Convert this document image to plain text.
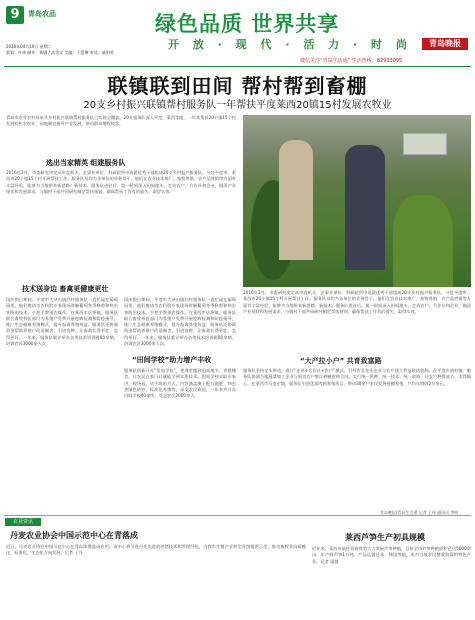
9	青岛农品
2016年04月19日 星期二
策划：叶林 制作：黄娜 / 高美文 美编：于慧琳 审读：戚明勇
绿色品质 世界共享
开 放 · 现 代 · 活 力 · 时 尚	青岛晚报
微信关注“青岛生活通” 生活热线：82933095
联镇联到田间 帮村帮到畜棚
20支乡村振兴联镇帮村服务队一年帮扶平度莱西20镇15村发展农牧业
青岛市农业农村局牵头乡村振兴联镇帮村服务队已实现全覆盖，20支服务队深入平度、莱西等地，一年来帮扶20个镇15个村发展特色农牧业，因地制宜指导产业发展，带动群众增收致富。
选出当家精英 组建服务队
2016年3月，市委研究决定从市直机关、企事业单位、科研院所中选派优秀干部组成20支乡村振兴服务队，分赴平度市、莱西市20个镇15个村开展帮扶工作。服务队员均为各单位的业务骨干，他们在农业技术推广、畜牧养殖、农产品营销等方面有丰富经验，能够为当地带来新思路、新技术。服务队进驻后，第一时间深入田间地头，走访农户、合作社和企业，摸清产业现状和发展需求，与镇村干部共同研究制定帮扶规划，确保帮扶工作有的放矢、取得实效。
技术送身边 畜禽更健康更壮
国庆假日期间，平度市大泽山镇驻村服务队一直忙碌在葡萄园里，他们邀请市农科院专家现场讲解葡萄冬季修剪和病虫害防治技术，手把手教果农操作。在莱西市店埠镇，服务队联合畜牧兽医部门为养殖户免费开展疫病检测和防疫指导，推广生态健康养殖模式，提升畜禽养殖效益。服务队还协调资金帮助养殖户改造圈舍，引进良种，让畜禽长得更壮、卖得更好。一年来，服务队累计举办各类技术培训班80余期，培训农民3000余人次。
“田间学校”助力增产丰收
国庆假日期间，平度市大泽山镇驻村服务队一直忙碌在葡萄园里，他们邀请市农科院专家现场讲解葡萄冬季修剪和病虫害防治技术，手把手教果农操作。在莱西市店埠镇，服务队联合畜牧兽医部门为养殖户免费开展疫病检测和防疫指导，推广生态健康养殖模式，提升畜禽养殖效益。服务队还协调资金帮助养殖户改造圈舍，引进良种，让畜禽长得更壮、卖得更好。一年来，服务队累计举办各类技术培训班80余期，培训农民3000余人次。
服务队创新开办“田间学校”，把课堂搬到田间地头、养殖棚舍，让农民在家门口就能学到实用技术。田间学校采取专家讲、现场看、动手练的方式，内容涵盖测土配方施肥、病虫害绿色防控、标准化养殖等，深受农民欢迎。一年来共开办田间学校40余所，受益农民2000余人。
2016年3月，市委研究决定从市直机关、企事业单位、科研院所中选派优秀干部组成20支乡村振兴服务队，分赴平度市、莱西市20个镇15个村开展帮扶工作。服务队员均为各单位的业务骨干，他们在农业技术推广、畜牧养殖、农产品营销等方面有丰富经验，能够为当地带来新思路、新技术。服务队进驻后，第一时间深入田间地头，走访农户、合作社和企业，摸清产业现状和发展需求，与镇村干部共同研究制定帮扶规划，确保帮扶工作有的放矢、取得实效。
“大产拉小户” 共育致富路
服务队坚持龙头带动，推行“企业+合作社+农户”模式，引导农业龙头企业与农户建立利益联结机制。在平度市明村镇，服务队协调当地蔬菜加工企业与周边农户签订种植收购合同，实行统一供种、统一技术、统一收购，让农户种得放心、卖得顺心。在莱西市马连庄镇，服务队引进优质肉鸡养殖项目，带动30余户农民发展规模养殖，户均年增收2万余元。
青岛晚报/青岛生活通 记者 王伟 通讯员 李明
农业资讯
丹麦农业协会中国示范中心在青落成
近日，丹麦农业协会中国示范中心在青岛即墨落成启用。该中心将引进丹麦先进的养猪技术和管理经验，为我市生猪产业转型升级提供示范，推动畜牧业向规模化、标准化、生态化方向发展。记者 于洋
莱西芦笋生产初具规模
近年来，莱西市依托资源优势大力发展芦笋种植，目前全市芦笋种植面积已达5000余亩，年产鲜芦笋1万吨，产品远销日本、韩国等地，成为当地农民增收致富的特色产业。记者 梁越
